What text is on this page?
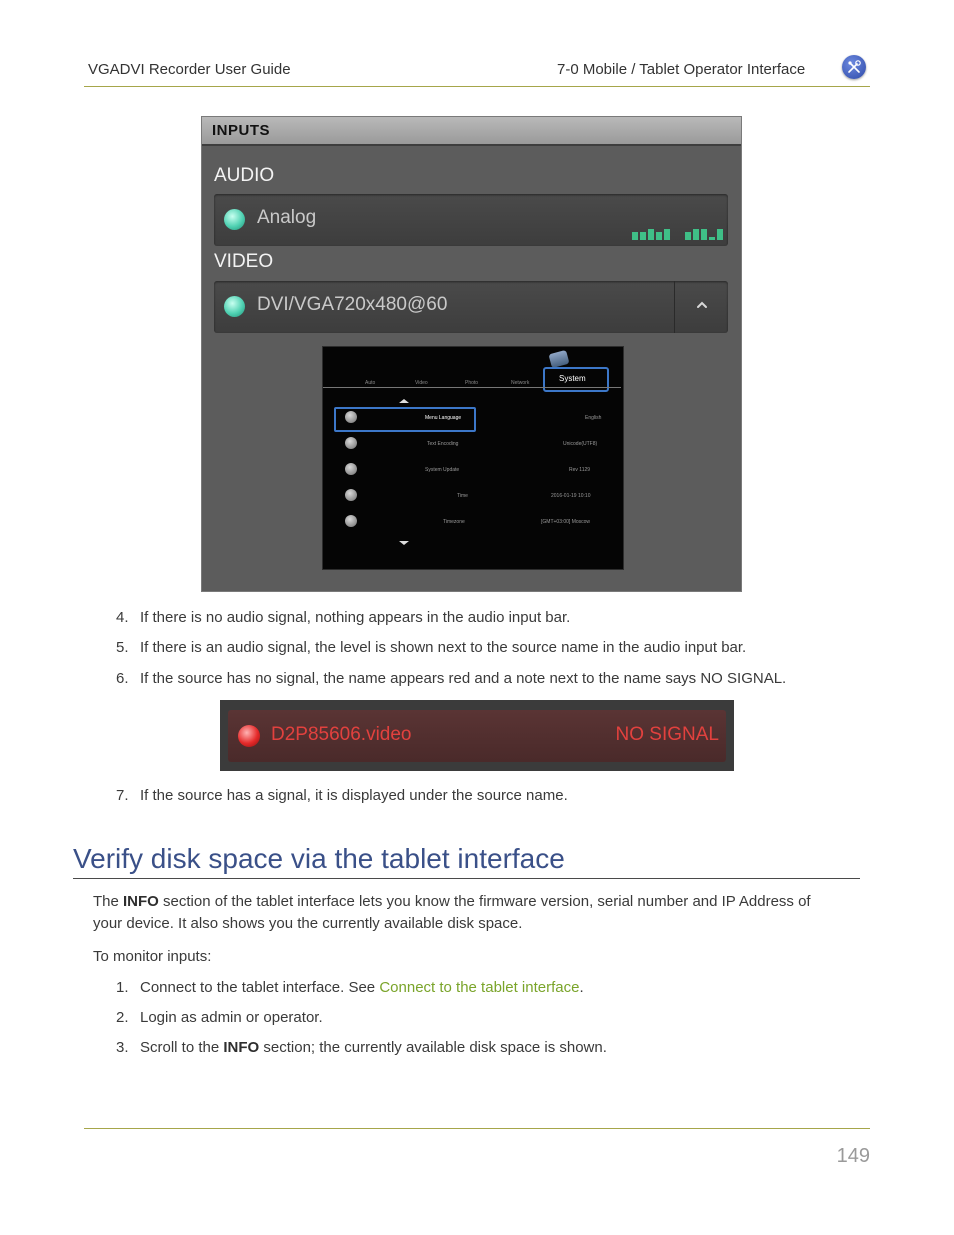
VGADVI Recorder User Guide	7-0 Mobile / Tablet Operator Interface
INPUTS
AUDIO
Analog
VIDEO
DVI/VGA720x480@60
System
Auto	Video	Photo	Network
Menu Language	English
Text Encoding	Unicode(UTF8)
System Update	Rev 1129
Time	2016-01-19 10:10
Timezone	[GMT+03:00] Moscow
4. If there is no audio signal, nothing appears in the audio input bar.
5. If there is an audio signal, the level is shown next to the source name in the audio input bar.
6. If the source has no signal, the name appears red and a note next to the name says NO SIGNAL.
D2P85606.video	NO SIGNAL
7. If the source has a signal, it is displayed under the source name.
Verify disk space via the tablet interface
The INFO section of the tablet interface lets you know the firmware version, serial number and IP Address of
your device. It also shows you the currently available disk space.
To monitor inputs:
1. Connect to the tablet interface. See Connect to the tablet interface.
2. Login as admin or operator.
3. Scroll to the INFO section; the currently available disk space is shown.
149
